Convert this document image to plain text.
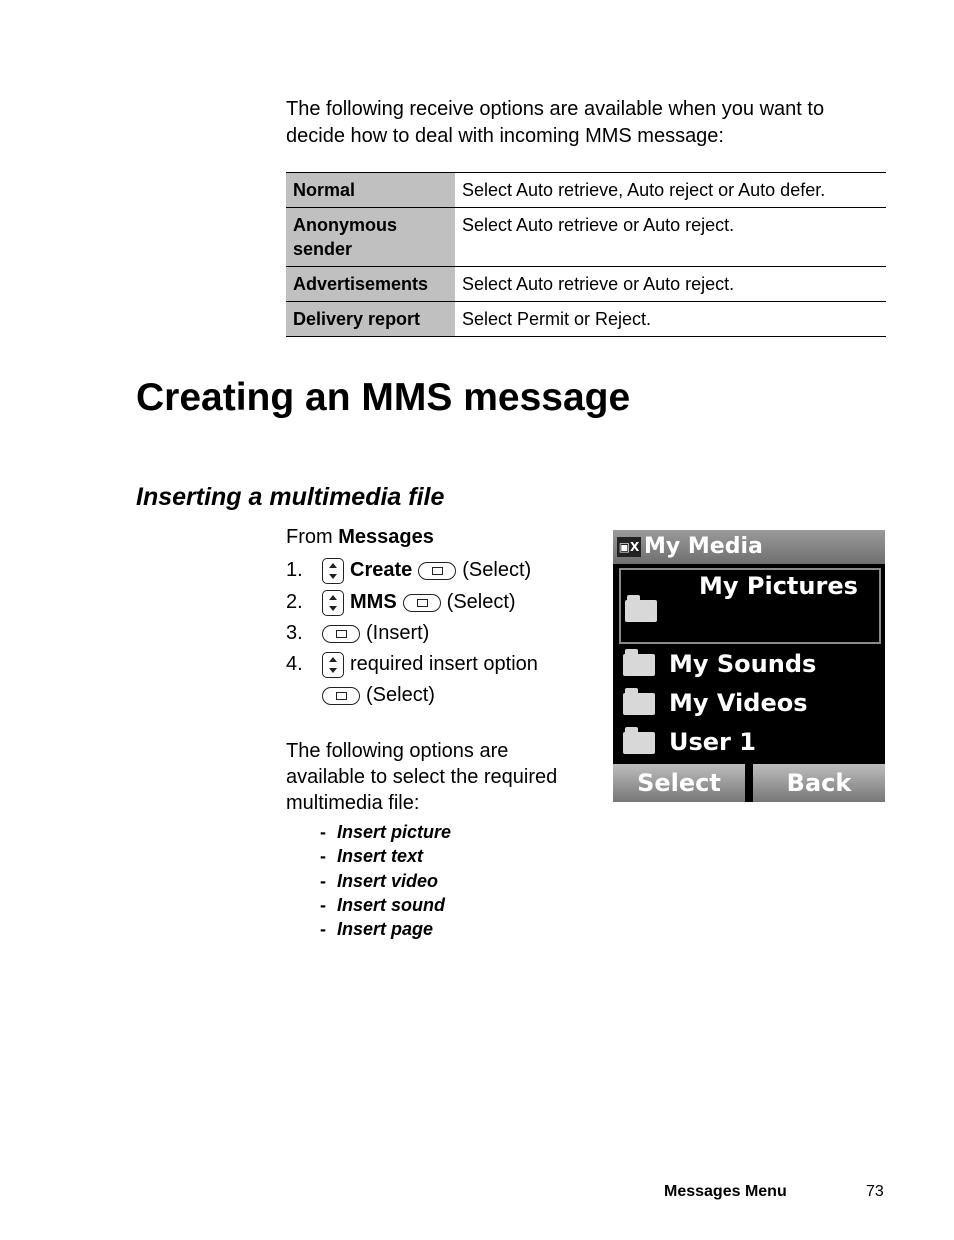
The following receive options are available when you want to decide how to deal with incoming MMS message:
Normal	Select Auto retrieve, Auto reject or Auto defer.
Anonymous sender	Select Auto retrieve or Auto reject.
Advertisements	Select Auto retrieve or Auto reject.
Delivery report	Select Permit or Reject.
Creating an MMS message
Inserting a multimedia file
From Messages
1. Create	(Select)
2. MMS	(Select)
3.	(Insert)
4. required insert option
(Select)
The following options are available to select the required multimedia file:
- Insert picture
- Insert text
- Insert video
- Insert sound
- Insert page
▣X My Media
My Pictures
My Sounds
My Videos
User 1
Select	Back
Messages Menu	73
